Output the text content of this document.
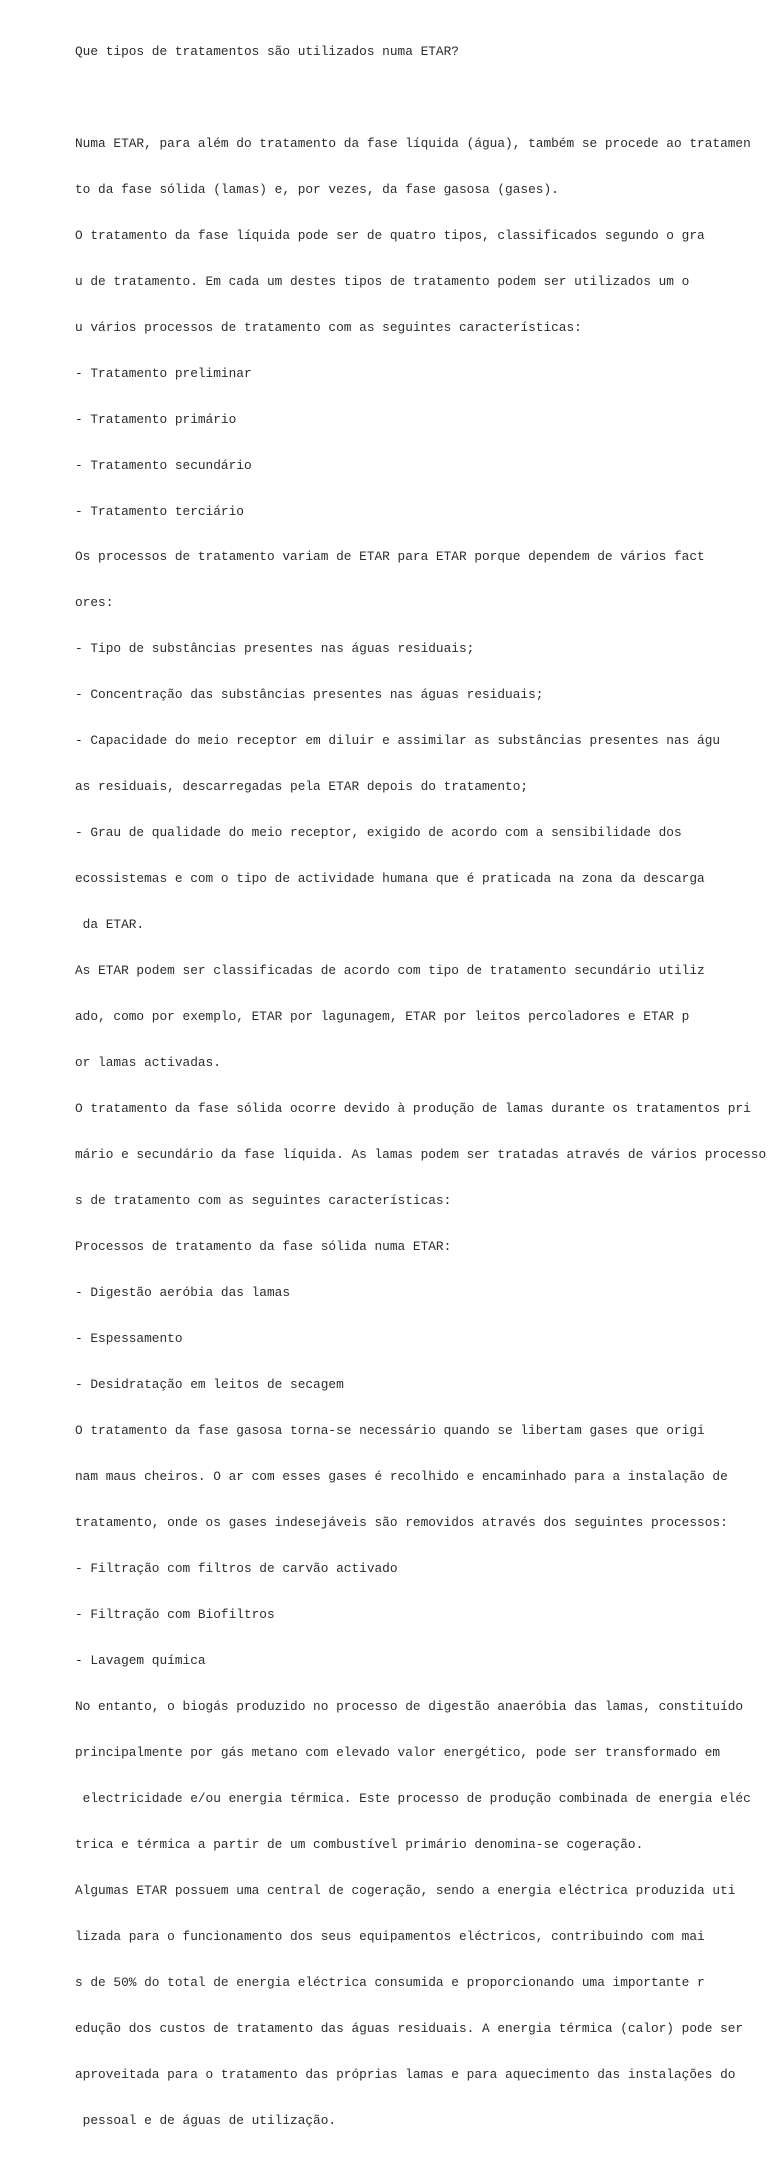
Que tipos de tratamentos são utilizados numa ETAR?

Numa ETAR, para além do tratamento da fase líquida (água), também se procede ao tratamen

to da fase sólida (lamas) e, por vezes, da fase gasosa (gases).

O tratamento da fase líquida pode ser de quatro tipos, classificados segundo o gra

u de tratamento. Em cada um destes tipos de tratamento podem ser utilizados um o

u vários processos de tratamento com as seguintes características:

- Tratamento preliminar

- Tratamento primário

- Tratamento secundário

- Tratamento terciário

Os processos de tratamento variam de ETAR para ETAR porque dependem de vários fact

ores:

- Tipo de substâncias presentes nas águas residuais;

- Concentração das substâncias presentes nas águas residuais;

- Capacidade do meio receptor em diluir e assimilar as substâncias presentes nas águ

as residuais, descarregadas pela ETAR depois do tratamento;

- Grau de qualidade do meio receptor, exigido de acordo com a sensibilidade dos

ecossistemas e com o tipo de actividade humana que é praticada na zona da descarga

da ETAR.

As ETAR podem ser classificadas de acordo com tipo de tratamento secundário utiliz

ado, como por exemplo, ETAR por lagunagem, ETAR por leitos percoladores e ETAR p

or lamas activadas.

O tratamento da fase sólida ocorre devido à produção de lamas durante os tratamentos pri

mário e secundário da fase líquida. As lamas podem ser tratadas através de vários processo

s de tratamento com as seguintes características:

Processos de tratamento da fase sólida numa ETAR:

- Digestão aeróbia das lamas

- Espessamento

- Desidratação em leitos de secagem

O tratamento da fase gasosa torna-se necessário quando se libertam gases que origi

nam maus cheiros. O ar com esses gases é recolhido e encaminhado para a instalação de

tratamento, onde os gases indesejáveis são removidos através dos seguintes processos:

- Filtração com filtros de carvão activado

- Filtração com Biofiltros

- Lavagem química

No entanto, o biogás produzido no processo de digestão anaeróbia das lamas, constituído

principalmente por gás metano com elevado valor energético, pode ser transformado em

electricidade e/ou energia térmica. Este processo de produção combinada de energia eléc

trica e térmica a partir de um combustível primário denomina-se cogeração.

Algumas ETAR possuem uma central de cogeração, sendo a energia eléctrica produzida uti

lizada para o funcionamento dos seus equipamentos eléctricos, contribuindo com mai

s de 50% do total de energia eléctrica consumida e proporcionando uma importante r

edução dos custos de tratamento das águas residuais. A energia térmica (calor) pode ser

aproveitada para o tratamento das próprias lamas e para aquecimento das instalações do

pessoal e de águas de utilização.
